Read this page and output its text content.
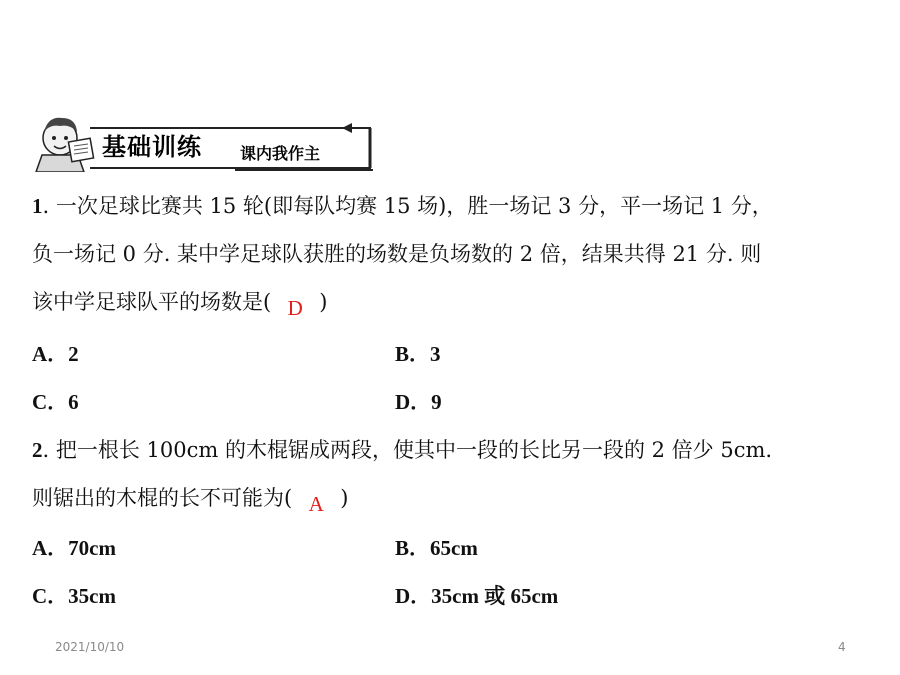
基础训练 课内我作主
1. 一次足球比赛共 15 轮(即每队均赛 15 场)，胜一场记 3 分，平一场记 1 分，
负一场记 0 分. 某中学足球队获胜的场数是负场数的 2 倍，结果共得 21 分. 则
该中学足球队平的场数是( D )
A．2	B．3
C．6	D．9
2. 把一根长 100cm 的木棍锯成两段，使其中一段的长比另一段的 2 倍少 5cm.
则锯出的木棍的长不可能为( A )
A．70cm	B．65cm
C．35cm	D．35cm 或 65cm
2021/10/10	4
